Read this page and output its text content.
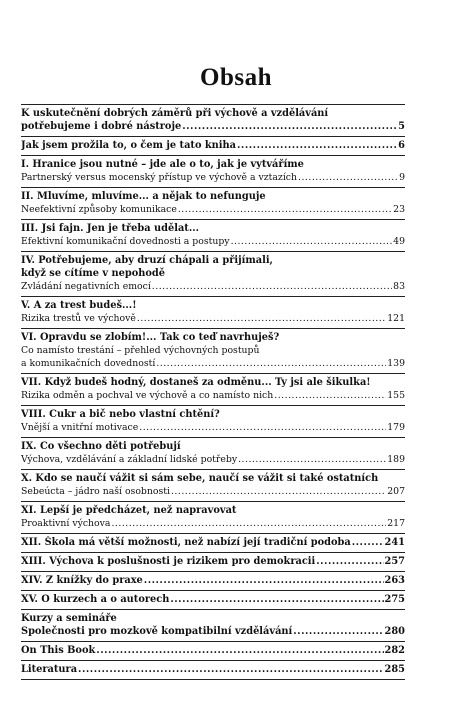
Obsah
K uskutečnění dobrých záměrů při výchově a vzdělávání
potřebujeme i dobré nástroje .....	5
Jak jsem prožila to, o čem je tato kniha .....	6
I. Hranice jsou nutné – jde ale o to, jak je vytváříme
Partnerský versus mocenský přístup ve výchově a vztazích .....	9
II. Mluvíme, mluvíme... a nějak to nefunguje
Neefektivní způsoby komunikace .....	23
III. Jsi fajn. Jen je třeba udělat...
Efektivní komunikační dovednosti a postupy .....	49
IV. Potřebujeme, aby druzí chápali a přijímali,
když se cítíme v nepohodě
Zvládání negativních emocí .....	83
V. A za trest budeš...!
Rizika trestů ve výchově .....	121
VI. Opravdu se zlobím!... Tak co teď navrhuješ?
Co namísto trestání – přehled výchovných postupů
a komunikačních dovedností .....	139
VII. Když budeš hodný, dostaneš za odměnu... Ty jsi ale šikulka!
Rizika odměn a pochval ve výchově a co namísto nich .....	155
VIII. Cukr a bič nebo vlastní chtění?
Vnější a vnitřní motivace .....	179
IX. Co všechno děti potřebují
Výchova, vzdělávání a základní lidské potřeby .....	189
X. Kdo se naučí vážit si sám sebe, naučí se vážit si také ostatních
Sebeúcta – jádro naší osobnosti .....	207
XI. Lepší je předcházet, než napravovat
Proaktivní výchova .....	217
XII. Škola má větší možnosti, než nabízí její tradiční podoba .....	241
XIII. Výchova k poslušnosti je rizikem pro demokracii .....	257
XIV. Z knížky do praxe .....	263
XV. O kurzech a o autorech .....	275
Kurzy a semináře
Společnosti pro mozkově kompatibilní vzdělávání .....	280
On This Book .....	282
Literatura .....	285
